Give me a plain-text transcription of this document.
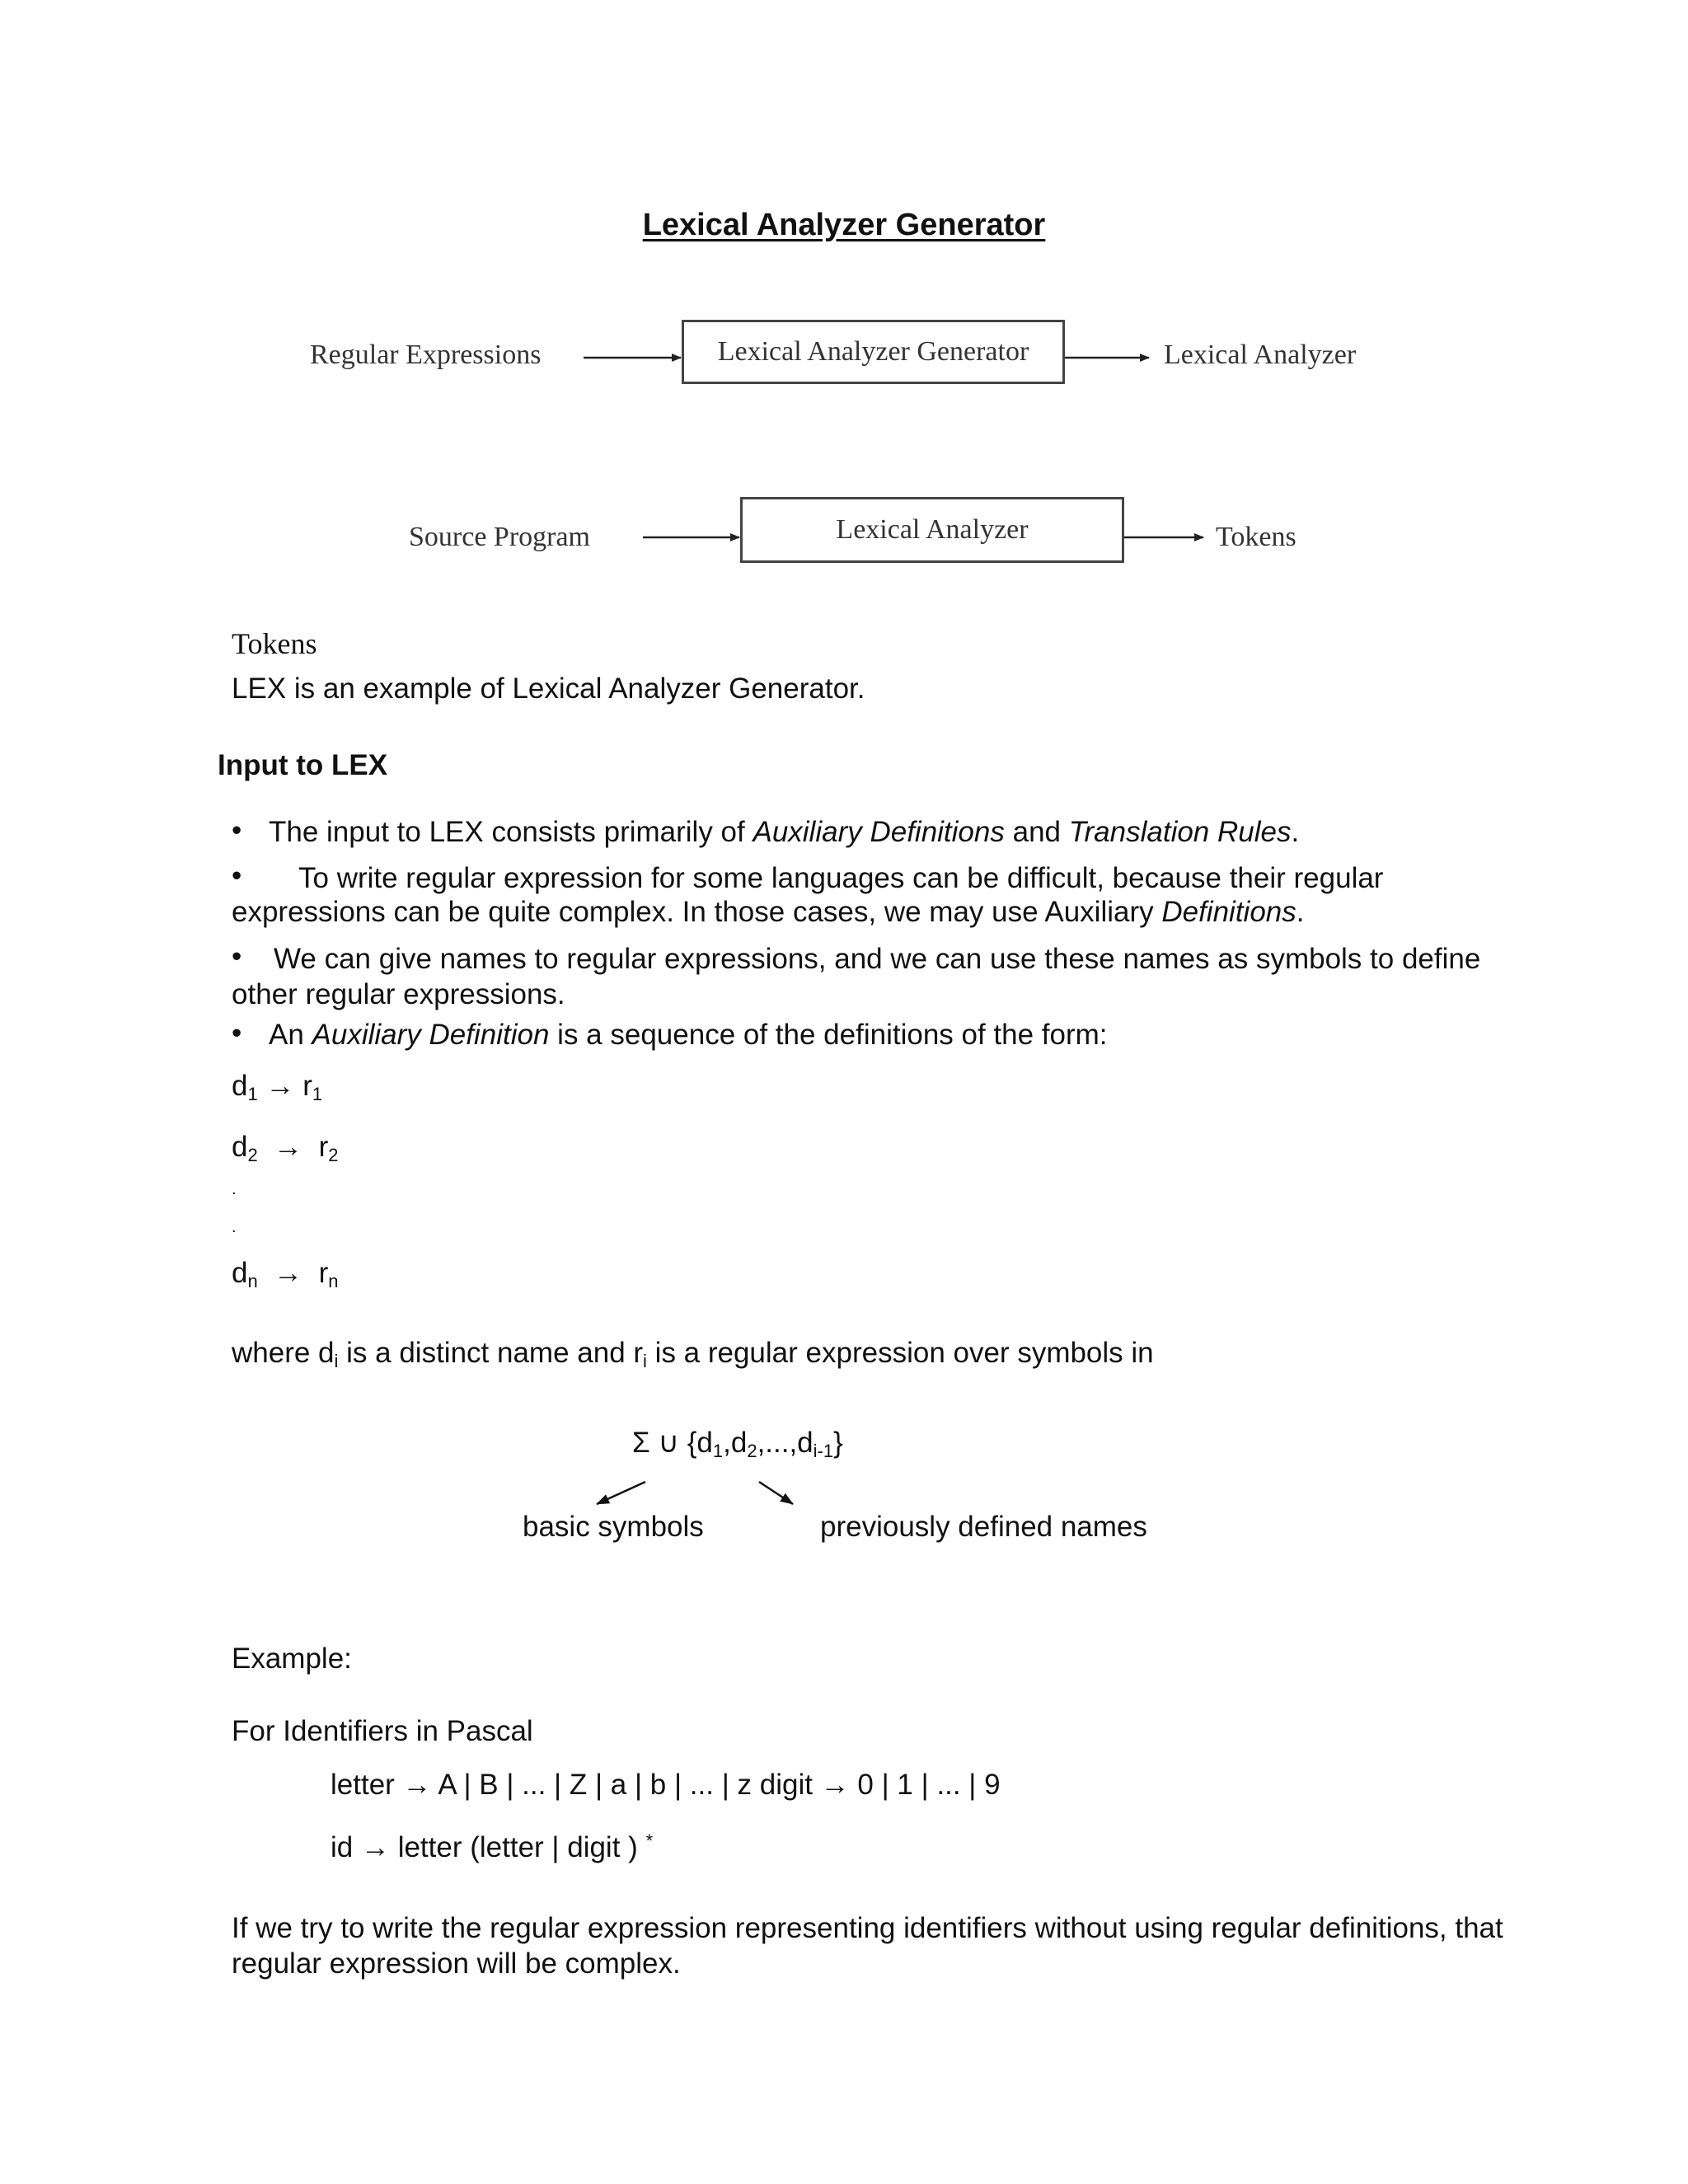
Lexical Analyzer Generator
Regular Expressions	Lexical Analyzer Generator	Lexical Analyzer
Source Program	Lexical Analyzer	Tokens
Tokens
LEX is an example of Lexical Analyzer Generator.
Input to LEX
• The input to LEX consists primarily of Auxiliary Definitions and Translation Rules.
• To write regular expression for some languages can be difficult, because their regular
expressions can be quite complex. In those cases, we may use Auxiliary Definitions.
• We can give names to regular expressions, and we can use these names as symbols to define
other regular expressions.
• An Auxiliary Definition is a sequence of the definitions of the form:
$d_1 \to r_1$
$d_2 \to r_2$
.
.
$d_n \to r_n$
where $d_i$ is a distinct name and $r_i$ is a regular expression over symbols in
Σ ∪ $\{d_1,d_2,...,d_{i-1}\}$
basic symbols	previously defined names
Example:
For Identifiers in Pascal
letter → A | B | ... | Z | a | b | ... | z digit → 0 | 1 | ... | 9
id → letter (letter | digit ) *
If we try to write the regular expression representing identifiers without using regular definitions, that
regular expression will be complex.
